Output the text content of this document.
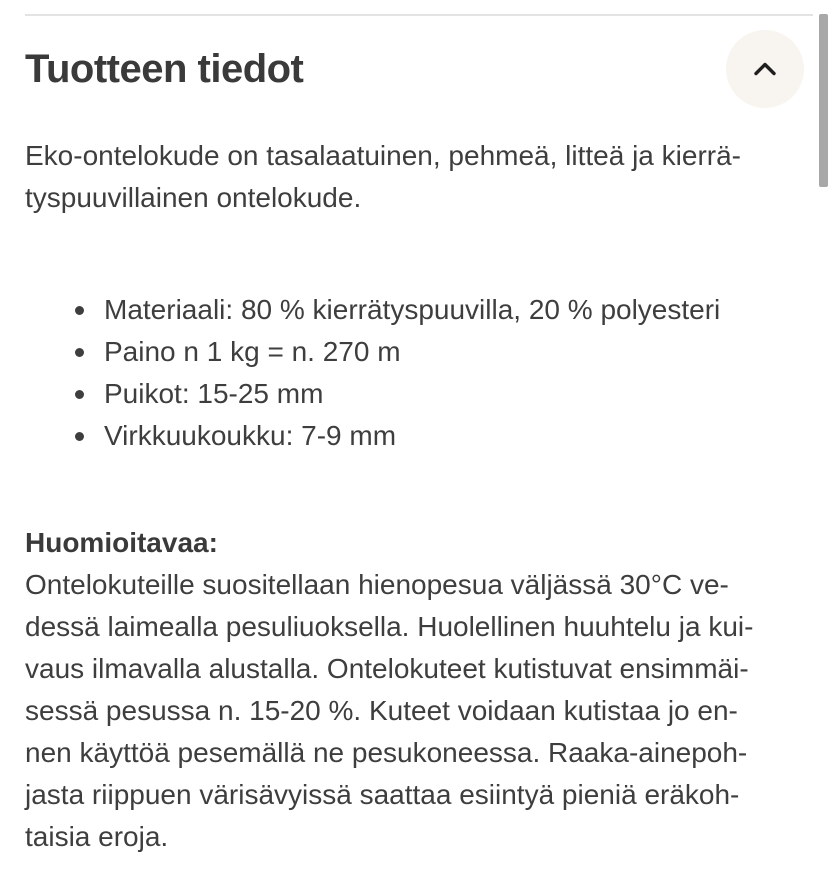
Tuotteen tiedot

Eko-ontelokude on tasalaatuinen, pehmeä, litteä ja kierrä-
tyspuuvillainen ontelokude.

Materiaali: 80 % kierrätyspuuvilla, 20 % polyesteri
Paino n 1 kg = n. 270 m
Puikot: 15-25 mm
Virkkuukoukku: 7-9 mm

Huomioitavaa:

Ontelokuteille suositellaan hienopesua väljässä 30°C ve-
dessä laimealla pesuliuoksella. Huolellinen huuhtelu ja kui-
vaus ilmavalla alustalla. Ontelokuteet kutistuvat ensimmäi-
sessä pesussa n. 15-20 %. Kuteet voidaan kutistaa jo en-
nen käyttöä pesemällä ne pesukoneessa. Raaka-ainepoh-
jasta riippuen värisävyissä saattaa esiintyä pieniä eräkoh-
taisia eroja.
